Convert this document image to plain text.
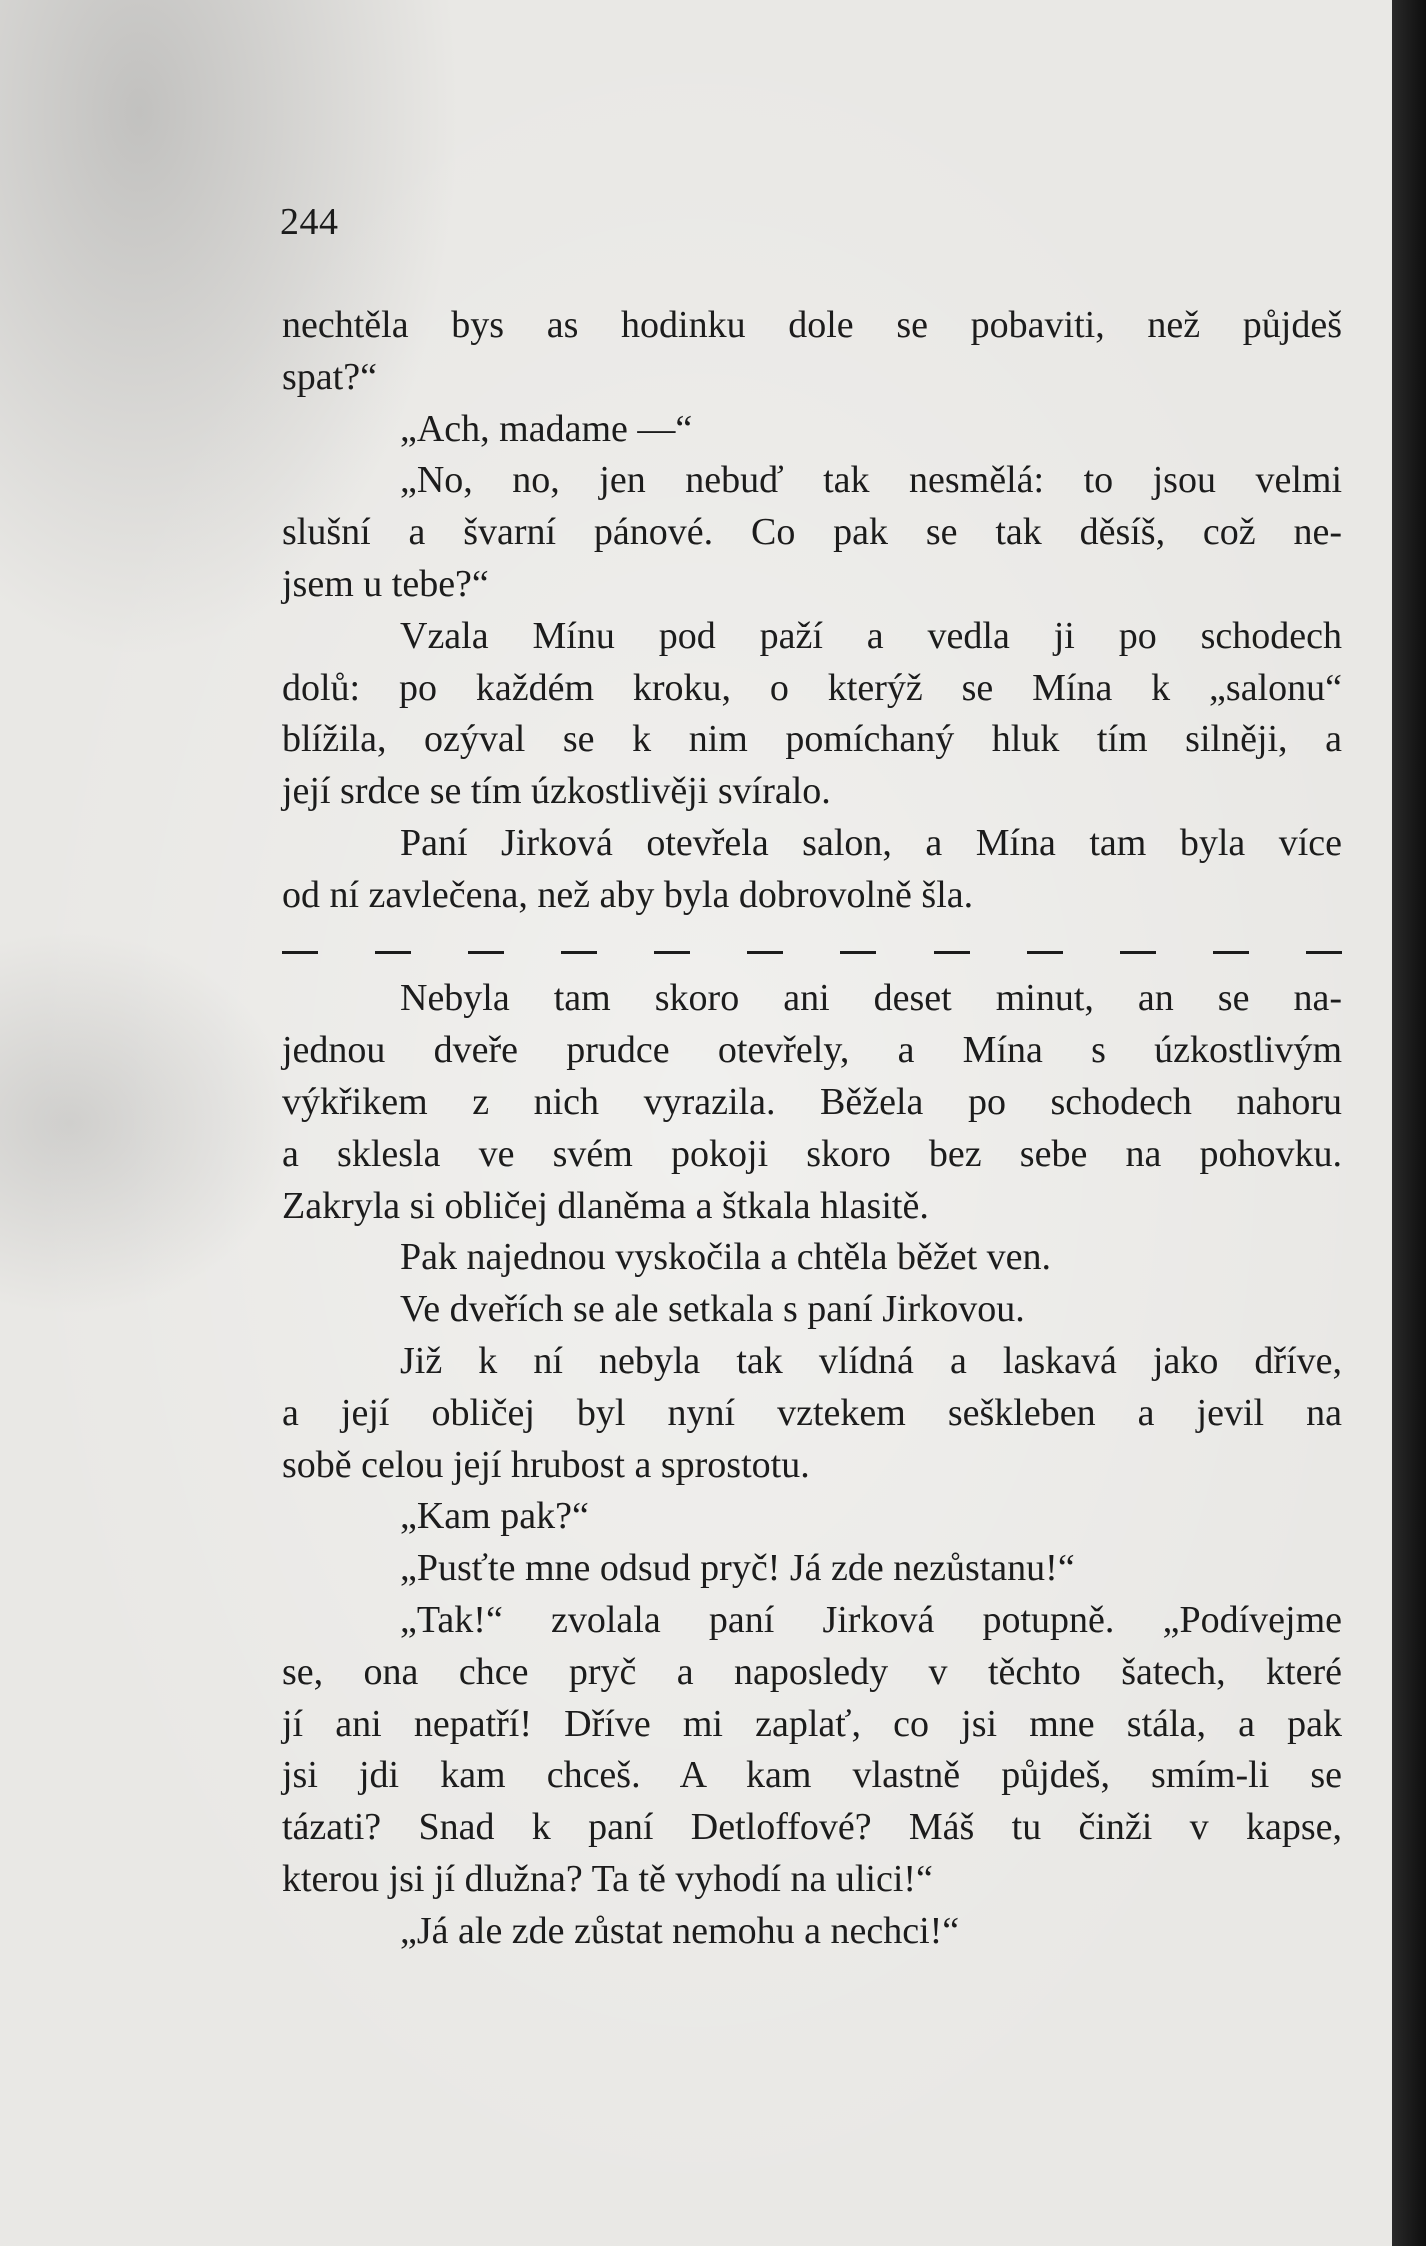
244
nechtěla bys as hodinku dole se pobaviti, než půjdeš
spat?“
„Ach, madame —“
„No, no, jen nebuď tak nesmělá: to jsou velmi
slušní a švarní pánové. Co pak se tak děsíš, což ne-
jsem u tebe?“
Vzala Mínu pod paží a vedla ji po schodech
dolů: po každém kroku, o kterýž se Mína k „salonu“
blížila, ozýval se k nim pomíchaný hluk tím silněji, a
její srdce se tím úzkostlivěji svíralo.
Paní Jirková otevřela salon, a Mína tam byla více
od ní zavlečena, než aby byla dobrovolně šla.
Nebyla tam skoro ani deset minut, an se na-
jednou dveře prudce otevřely, a Mína s úzkostlivým
výkřikem z nich vyrazila. Běžela po schodech nahoru
a sklesla ve svém pokoji skoro bez sebe na pohovku.
Zakryla si obličej dlaněma a štkala hlasitě.
Pak najednou vyskočila a chtěla běžet ven.
Ve dveřích se ale setkala s paní Jirkovou.
Již k ní nebyla tak vlídná a laskavá jako dříve,
a její obličej byl nyní vztekem seškleben a jevil na
sobě celou její hrubost a sprostotu.
„Kam pak?“
„Pusťte mne odsud pryč! Já zde nezůstanu!“
„Tak!“ zvolala paní Jirková potupně. „Podívejme
se, ona chce pryč a naposledy v těchto šatech, které
jí ani nepatří! Dříve mi zaplať, co jsi mne stála, a pak
jsi jdi kam chceš. A kam vlastně půjdeš, smím-li se
tázati? Snad k paní Detloffové? Máš tu činži v kapse,
kterou jsi jí dlužna? Ta tě vyhodí na ulici!“
„Já ale zde zůstat nemohu a nechci!“
